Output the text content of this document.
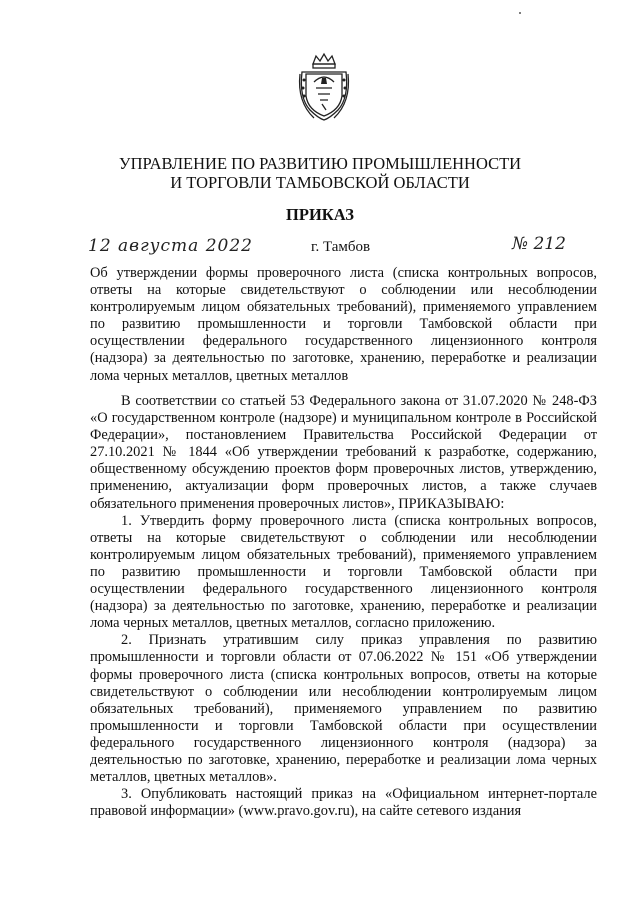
УПРАВЛЕНИЕ ПО РАЗВИТИЮ ПРОМЫШЛЕННОСТИ
И ТОРГОВЛИ ТАМБОВСКОЙ ОБЛАСТИ
ПРИКАЗ
12 августа 2022	г. Тамбов	№ 212
Об утверждении формы проверочного листа (списка контрольных вопросов, ответы на которые свидетельствуют о соблюдении или несоблюдении контролируемым лицом обязательных требований), применяемого управлением по развитию промышленности и торговли Тамбовской области при осуществлении федерального государственного лицензионного контроля (надзора) за деятельностью по заготовке, хранению, переработке и реализации лома черных металлов, цветных металлов

В соответствии со статьей 53 Федерального закона от 31.07.2020 № 248-ФЗ «О государственном контроле (надзоре) и муниципальном контроле в Российской Федерации», постановлением Правительства Российской Федерации от 27.10.2021 № 1844 «Об утверждении требований к разработке, содержанию, общественному обсуждению проектов форм проверочных листов, утверждению, применению, актуализации форм проверочных листов, а также случаев обязательного применения проверочных листов», ПРИКАЗЫВАЮ:

1. Утвердить форму проверочного листа (списка контрольных вопросов, ответы на которые свидетельствуют о соблюдении или несоблюдении контролируемым лицом обязательных требований), применяемого управлением по развитию промышленности и торговли Тамбовской области при осуществлении федерального государственного лицензионного контроля (надзора) за деятельностью по заготовке, хранению, переработке и реализации лома черных металлов, цветных металлов, согласно приложению.

2. Признать утратившим силу приказ управления по развитию промышленности и торговли области от 07.06.2022 № 151 «Об утверждении формы проверочного листа (списка контрольных вопросов, ответы на которые свидетельствуют о соблюдении или несоблюдении контролируемым лицом обязательных требований), применяемого управлением по развитию промышленности и торговли Тамбовской области при осуществлении федерального государственного лицензионного контроля (надзора) за деятельностью по заготовке, хранению, переработке и реализации лома черных металлов, цветных металлов».

3. Опубликовать настоящий приказ на «Официальном интернет-портале правовой информации» (www.pravo.gov.ru), на сайте сетевого издания
